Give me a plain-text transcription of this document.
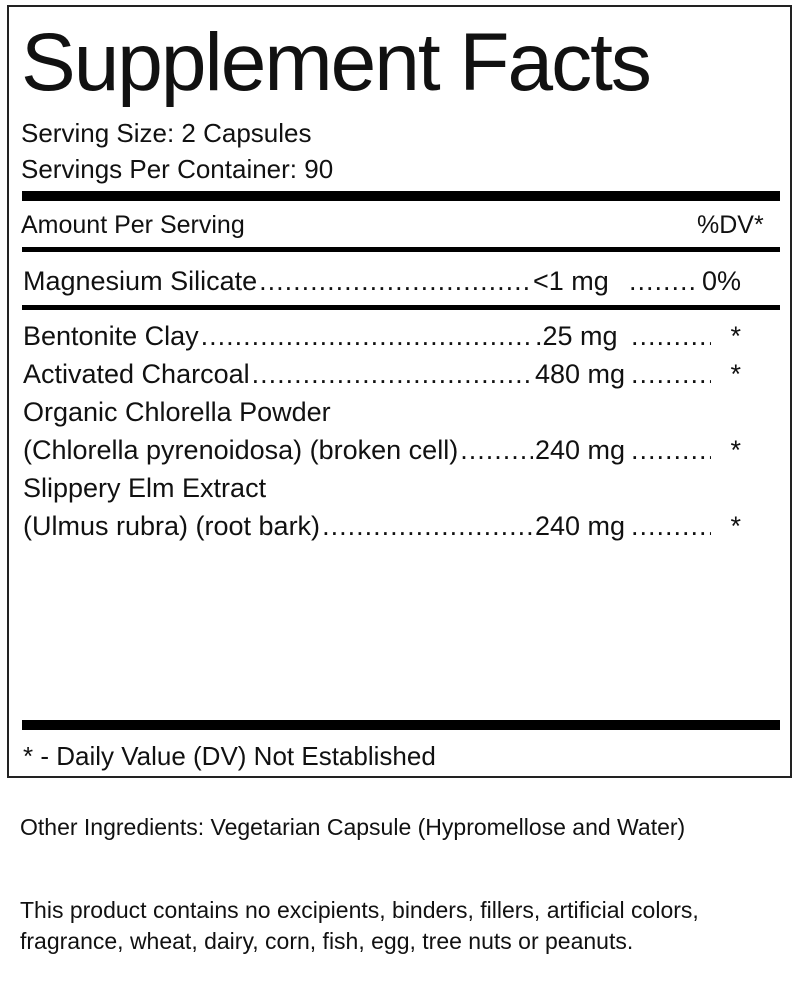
Supplement Facts
Serving Size: 2 Capsules
Servings Per Container: 90
Amount Per Serving	%DV*
Magnesium Silicate .....	<1 mg .....	0%
Bentonite Clay .....	.25 mg .....	*
Activated Charcoal .....	480 mg .....	*
Organic Chlorella Powder
(Chlorella pyrenoidosa) (broken cell) .....	240 mg .....	*
Slippery Elm Extract
(Ulmus rubra) (root bark) .....	240 mg .....	*
* - Daily Value (DV) Not Established
Other Ingredients: Vegetarian Capsule (Hypromellose and Water)
This product contains no excipients, binders, fillers, artificial colors, fragrance, wheat, dairy, corn, fish, egg, tree nuts or peanuts.
